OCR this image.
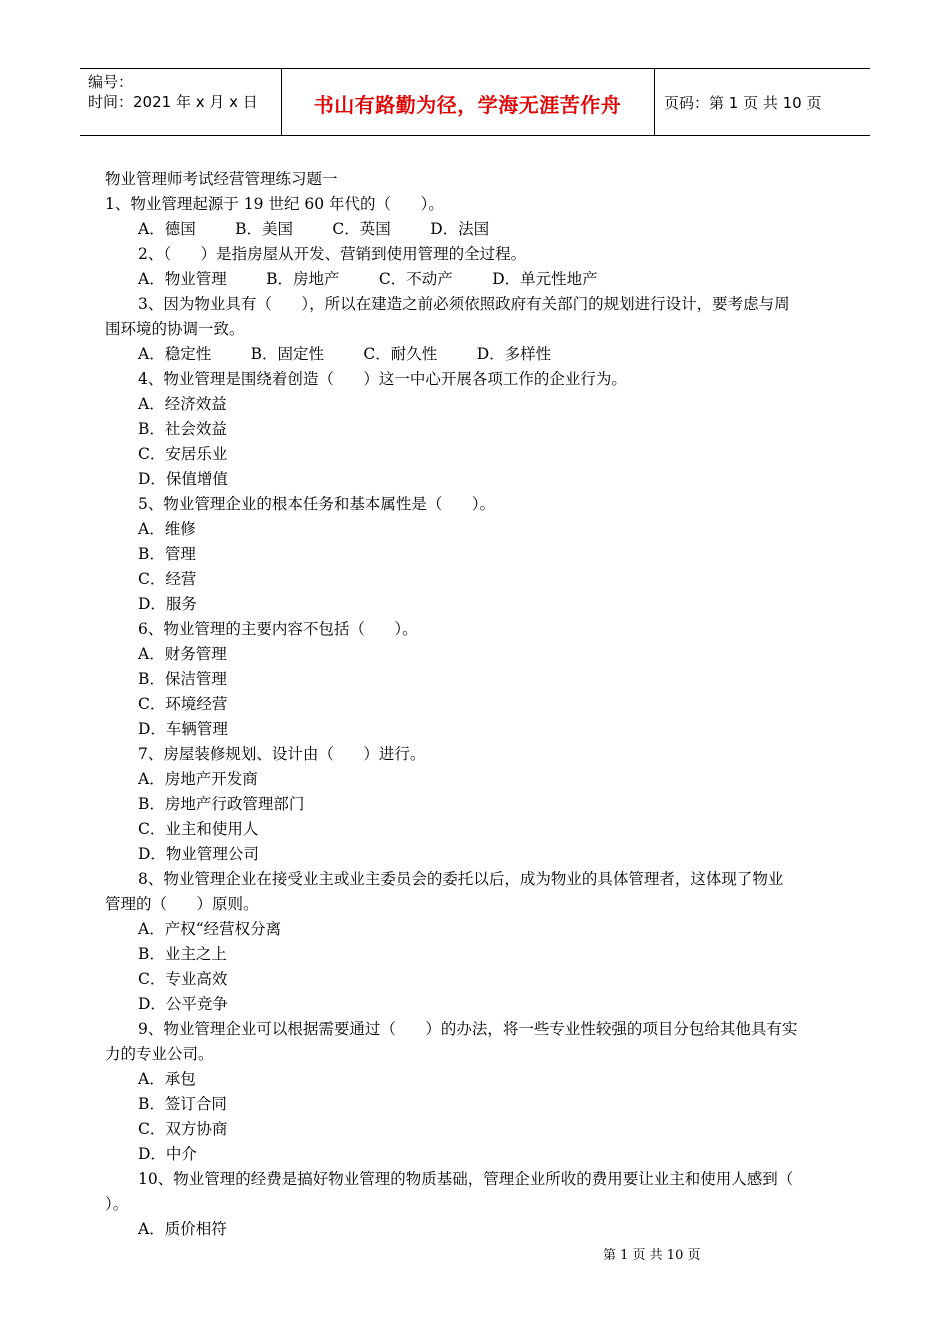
编号：
时间：2021 年 x 月 x 日	书山有路勤为径，学海无涯苦作舟	页码：第 1 页 共 10 页

物业管理师考试经营管理练习题一

1、物业管理起源于 19 世纪 60 年代的（      ）。

A．德国        B．美国        C．英国        D．法国

2、（      ）是指房屋从开发、营销到使用管理的全过程。

A．物业管理        B．房地产        C．不动产        D．单元性地产

3、因为物业具有（      ），所以在建造之前必须依照政府有关部门的规划进行设计，要考虑与周

围环境的协调一致。

A．稳定性        B．固定性        C．耐久性        D．多样性

4、物业管理是围绕着创造（      ）这一中心开展各项工作的企业行为。

A．经济效益

B．社会效益

C．安居乐业

D．保值增值

5、物业管理企业的根本任务和基本属性是（      ）。

A．维修

B．管理

C．经营

D．服务

6、物业管理的主要内容不包括（      ）。

A．财务管理

B．保洁管理

C．环境经营

D．车辆管理

7、房屋装修规划、设计由（      ）进行。

A．房地产开发商

B．房地产行政管理部门

C．业主和使用人

D．物业管理公司

8、物业管理企业在接受业主或业主委员会的委托以后，成为物业的具体管理者，这体现了物业

管理的（      ）原则。

A．产权“经营权分离

B．业主之上

C．专业高效

D．公平竞争

9、物业管理企业可以根据需要通过（      ）的办法，将一些专业性较强的项目分包给其他具有实

力的专业公司。

A．承包

B．签订合同

C．双方协商

D．中介

10、物业管理的经费是搞好物业管理的物质基础，管理企业所收的费用要让业主和使用人感到（

）。

A．质价相符

第 1 页 共 10 页
